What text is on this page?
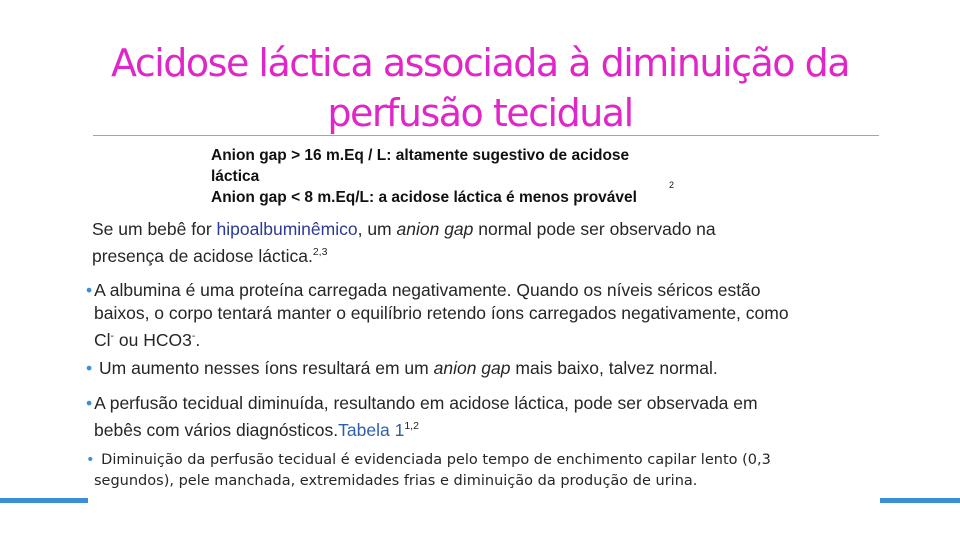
Acidose láctica associada à diminuição da perfusão tecidual
Anion gap > 16 m.Eq / L: altamente sugestivo de acidose
láctica	2
Anion gap < 8 m.Eq/L: a acidose láctica é menos provável
Se um bebê for hipoalbuminêmico, um anion gap normal pode ser observado na
presença de acidose láctica.$^{2,3}$
• A albumina é uma proteína carregada negativamente. Quando os níveis séricos estão
baixos, o corpo tentará manter o equilíbrio retendo íons carregados negativamente, como
Cl- ou HCO3-.
• Um aumento nesses íons resultará em um anion gap mais baixo, talvez normal.
• A perfusão tecidual diminuída, resultando em acidose láctica, pode ser observada em
bebês com vários diagnósticos.Tabela 1$^{1,2}$
• Diminuição da perfusão tecidual é evidenciada pelo tempo de enchimento capilar lento (0,3
segundos), pele manchada, extremidades frias e diminuição da produção de urina.
